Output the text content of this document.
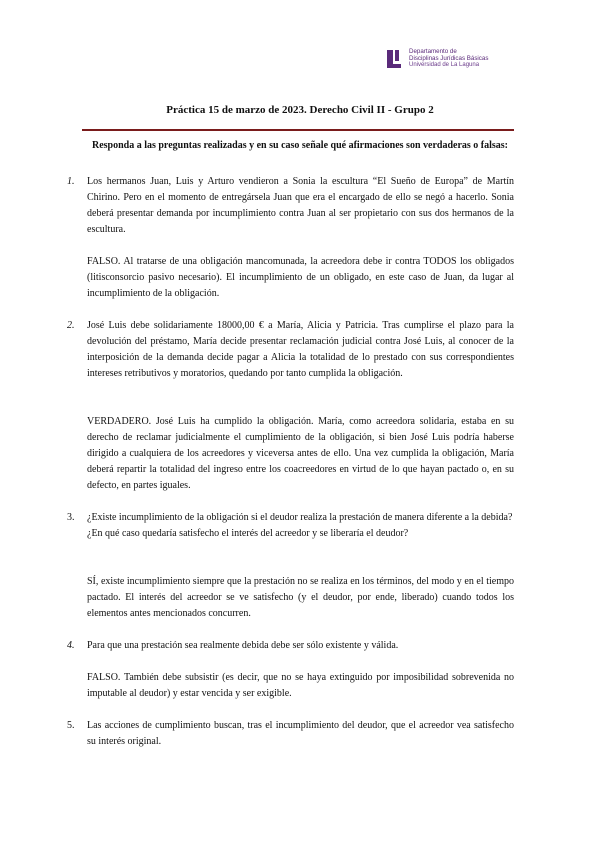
Departamento de
Disciplinas Jurídicas Básicas
Universidad de La Laguna
Práctica 15 de marzo de 2023. Derecho Civil II - Grupo 2
Responda a las preguntas realizadas y en su caso señale qué afirmaciones son verdaderas o falsas:
1. Los hermanos Juan, Luis y Arturo vendieron a Sonia la escultura “El Sueño de Europa” de Martín Chirino. Pero en el momento de entregársela Juan que era el encargado de ello se negó a hacerlo. Sonia deberá presentar demanda por incumplimiento contra Juan al ser propietario con sus dos hermanos de la escultura.

FALSO. Al tratarse de una obligación mancomunada, la acreedora debe ir contra TODOS los obligados (litisconsorcio pasivo necesario). El incumplimiento de un obligado, en este caso de Juan, da lugar al incumplimiento de la obligación.

2. José Luis debe solidariamente 18000,00 € a María, Alicia y Patricia. Tras cumplirse el plazo para la devolución del préstamo, María decide presentar reclamación judicial contra José Luis, al conocer de la interposición de la demanda decide pagar a Alicia la totalidad de lo prestado con sus correspondientes intereses retributivos y moratorios, quedando por tanto cumplida la obligación.

VERDADERO. José Luis ha cumplido la obligación. María, como acreedora solidaria, estaba en su derecho de reclamar judicialmente el cumplimiento de la obligación, si bien José Luis podría haberse dirigido a cualquiera de los acreedores y viceversa antes de ello. Una vez cumplida la obligación, María deberá repartir la totalidad del ingreso entre los coacreedores en virtud de lo que hayan pactado o, en su defecto, en partes iguales.

3. ¿Existe incumplimiento de la obligación si el deudor realiza la prestación de manera diferente a la debida?

¿En qué caso quedaría satisfecho el interés del acreedor y se liberaría el deudor?

SÍ, existe incumplimiento siempre que la prestación no se realiza en los términos, del modo y en el tiempo pactado. El interés del acreedor se ve satisfecho (y el deudor, por ende, liberado) cuando todos los elementos antes mencionados concurren.

4. Para que una prestación sea realmente debida debe ser sólo existente y válida.

FALSO. También debe subsistir (es decir, que no se haya extinguido por imposibilidad sobrevenida no imputable al deudor) y estar vencida y ser exigible.

5. Las acciones de cumplimiento buscan, tras el incumplimiento del deudor, que el acreedor vea satisfecho su interés original.
